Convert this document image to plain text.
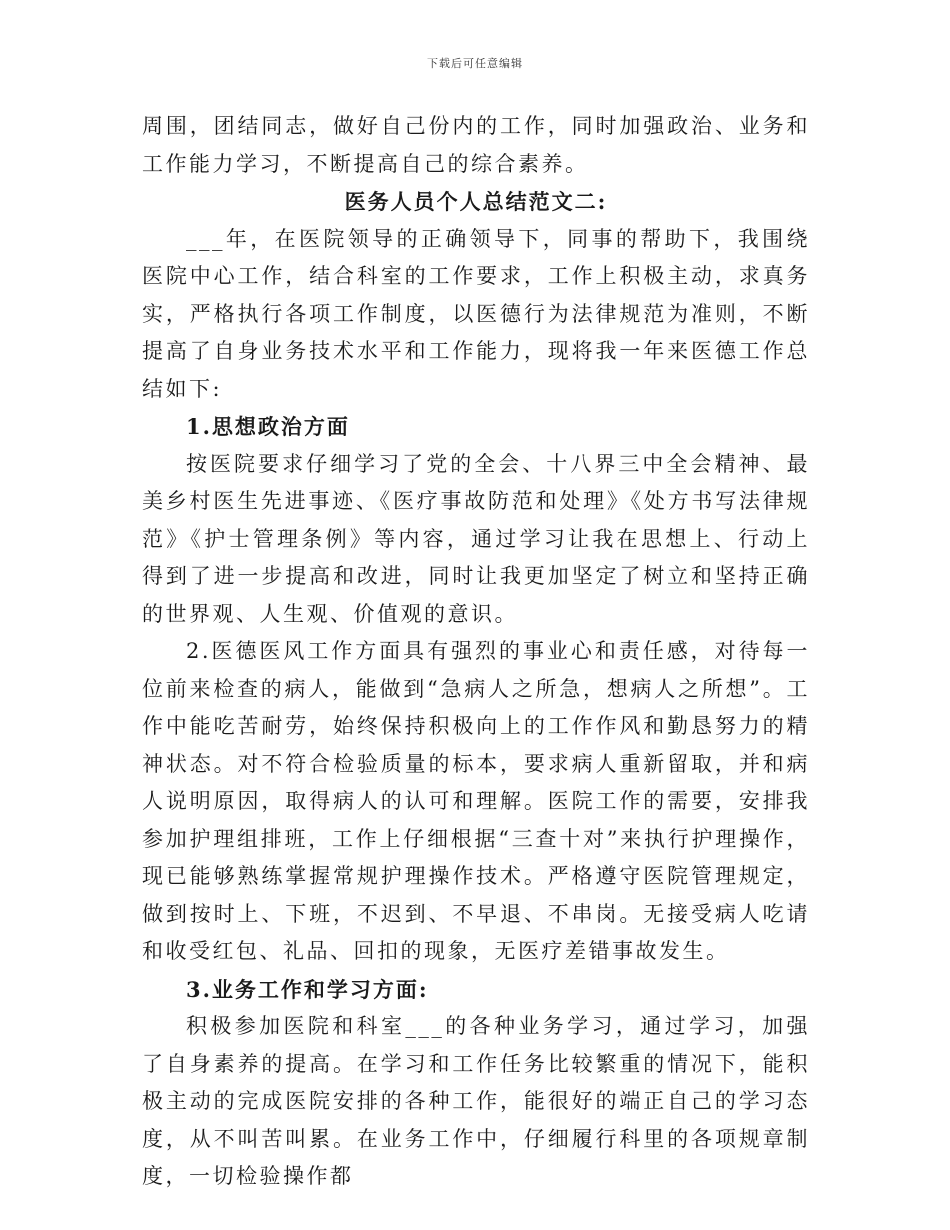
下载后可任意编辑

周围，团结同志，做好自己份内的工作，同时加强政治、业务和工作能力学习，不断提高自己的综合素养。

医务人员个人总结范文二:

___年，在医院领导的正确领导下，同事的帮助下，我围绕医院中心工作，结合科室的工作要求，工作上积极主动，求真务实，严格执行各项工作制度，以医德行为法律规范为准则，不断提高了自身业务技术水平和工作能力，现将我一年来医德工作总结如下:

1.思想政治方面

按医院要求仔细学习了党的全会、十八界三中全会精神、最美乡村医生先进事迹、《医疗事故防范和处理》《处方书写法律规范》《护士管理条例》等内容，通过学习让我在思想上、行动上得到了进一步提高和改进，同时让我更加坚定了树立和坚持正确的世界观、人生观、价值观的意识。

2.医德医风工作方面具有强烈的事业心和责任感，对待每一位前来检查的病人，能做到“急病人之所急，想病人之所想”。工作中能吃苦耐劳，始终保持积极向上的工作作风和勤恳努力的精神状态。对不符合检验质量的标本，要求病人重新留取，并和病人说明原因，取得病人的认可和理解。医院工作的需要，安排我参加护理组排班，工作上仔细根据“三查十对”来执行护理操作，现已能够熟练掌握常规护理操作技术。严格遵守医院管理规定，做到按时上、下班，不迟到、不早退、不串岗。无接受病人吃请和收受红包、礼品、回扣的现象，无医疗差错事故发生。

3.业务工作和学习方面:

积极参加医院和科室___的各种业务学习，通过学习，加强了自身素养的提高。在学习和工作任务比较繁重的情况下，能积极主动的完成医院安排的各种工作，能很好的端正自己的学习态度，从不叫苦叫累。在业务工作中，仔细履行科里的各项规章制度，一切检验操作都
